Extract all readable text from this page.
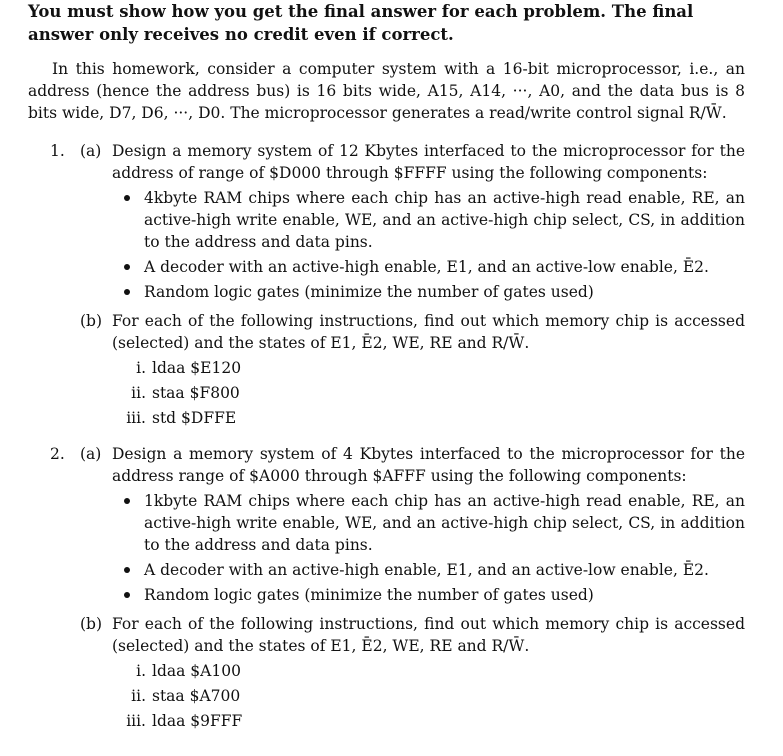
You must show how you get the final answer for each problem. The final answer only receives no credit even if correct.

In this homework, consider a computer system with a 16-bit microprocessor, i.e., an address (hence the address bus) is 16 bits wide, A15, A14, ···, A0, and the data bus is 8 bits wide, D7, D6, ···, D0. The microprocessor generates a read/write control signal R/W̄.

1. (a) Design a memory system of 12 Kbytes interfaced to the microprocessor for the address of range of $D000 through $FFFF using the following components:
4kbyte RAM chips where each chip has an active-high read enable, RE, an active-high write enable, WE, and an active-high chip select, CS, in addition to the address and data pins.
A decoder with an active-high enable, E1, and an active-low enable, Ē2.
Random logic gates (minimize the number of gates used)
(b) For each of the following instructions, find out which memory chip is accessed (selected) and the states of E1, Ē2, WE, RE and R/W̄.
i. ldaa $E120
ii. staa $F800
iii. std $DFFE
2. (a) Design a memory system of 4 Kbytes interfaced to the microprocessor for the address range of $A000 through $AFFF using the following components:
1kbyte RAM chips where each chip has an active-high read enable, RE, an active-high write enable, WE, and an active-high chip select, CS, in addition to the address and data pins.
A decoder with an active-high enable, E1, and an active-low enable, Ē2.
Random logic gates (minimize the number of gates used)
(b) For each of the following instructions, find out which memory chip is accessed (selected) and the states of E1, Ē2, WE, RE and R/W̄.
i. ldaa $A100
ii. staa $A700
iii. ldaa $9FFF
